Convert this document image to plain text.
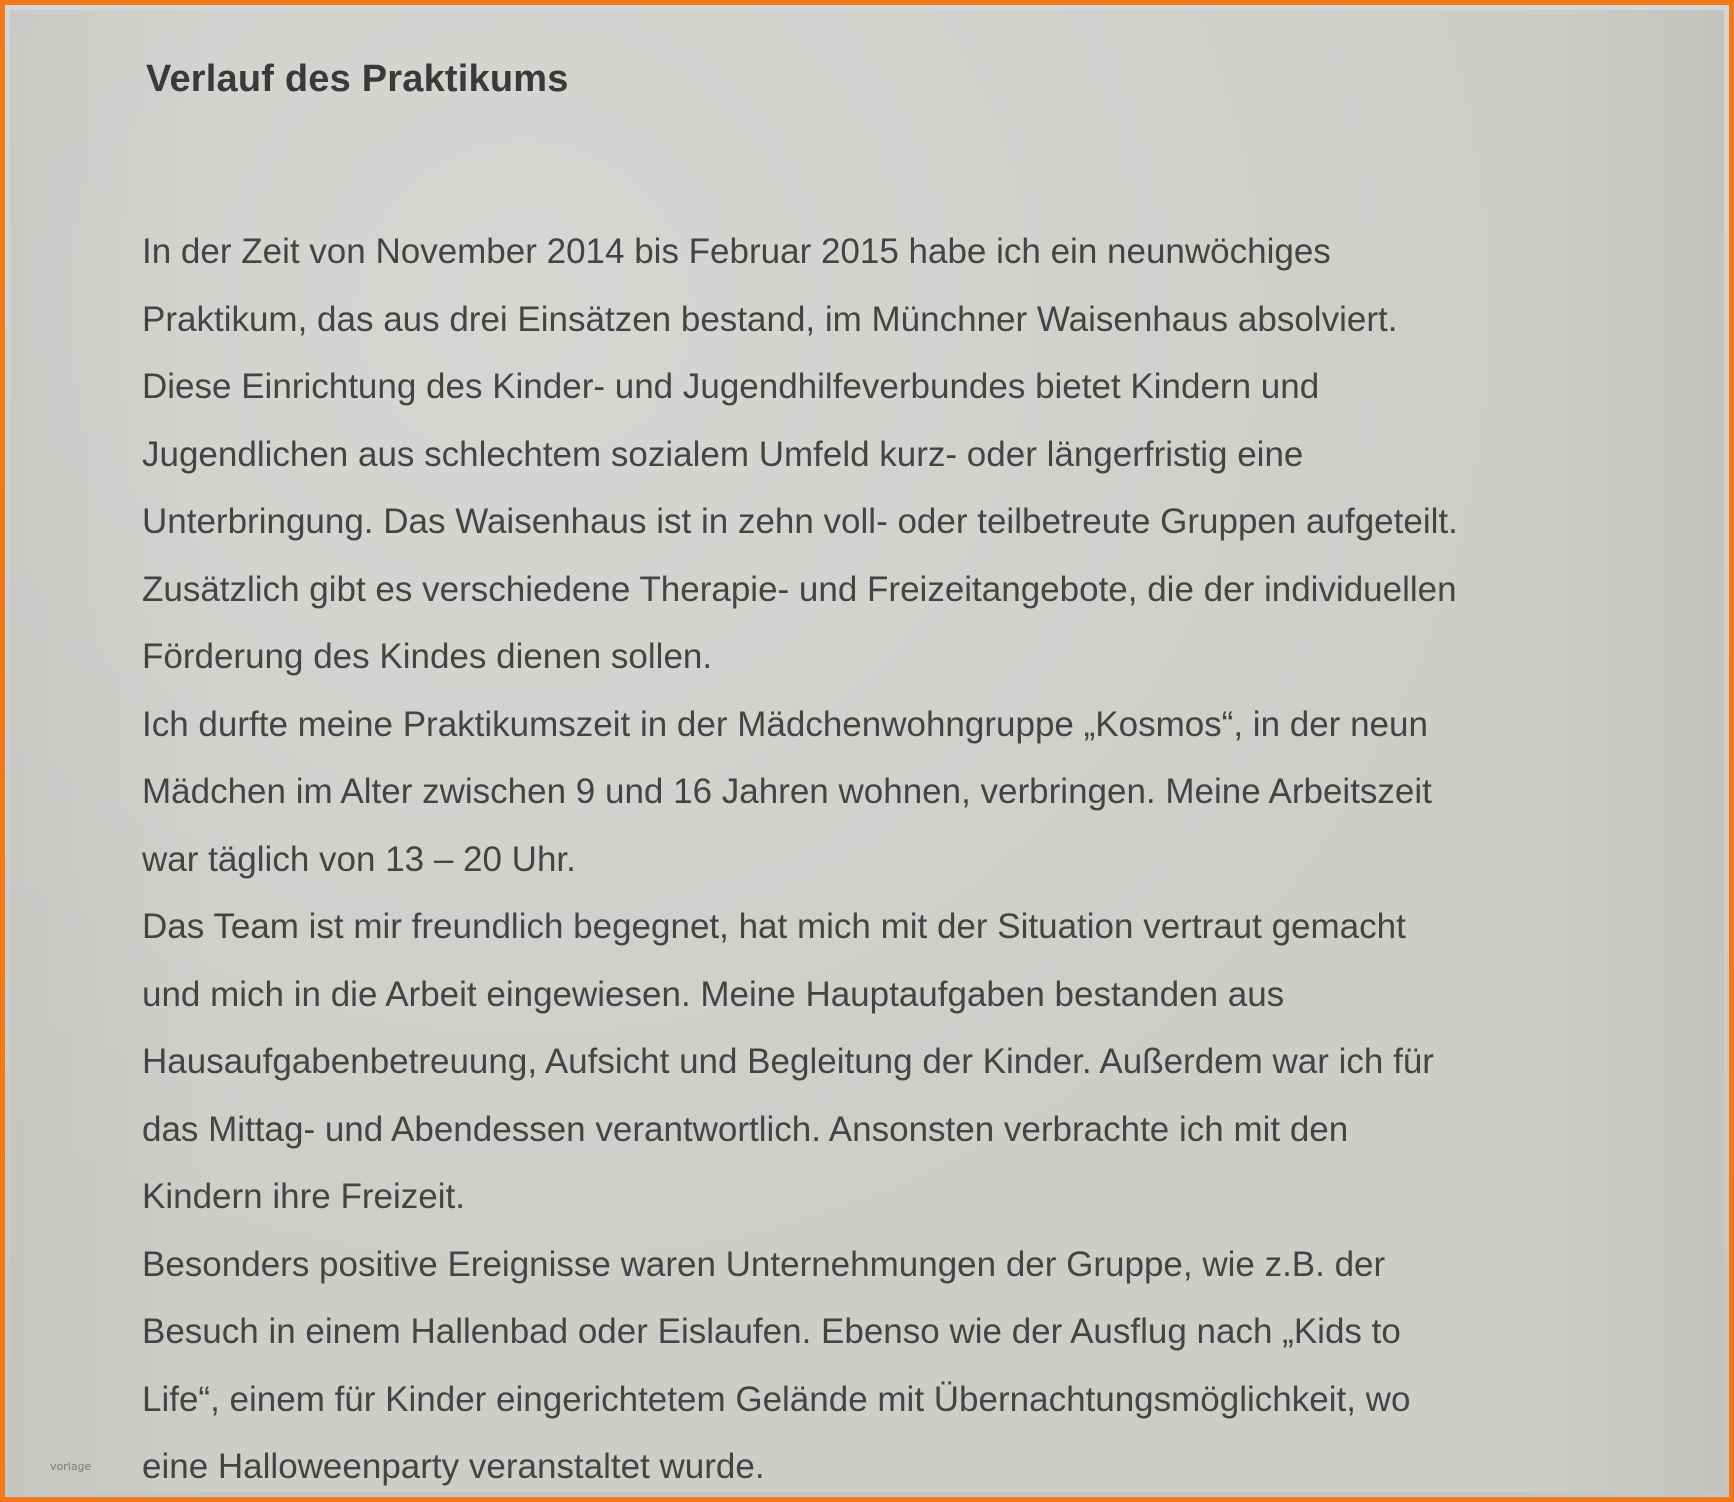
Verlauf des Praktikums
In der Zeit von November 2014 bis Februar 2015 habe ich ein neunwöchiges
Praktikum, das aus drei Einsätzen bestand, im Münchner Waisenhaus absolviert.
Diese Einrichtung des Kinder- und Jugendhilfeverbundes bietet Kindern und
Jugendlichen aus schlechtem sozialem Umfeld kurz- oder längerfristig eine
Unterbringung. Das Waisenhaus ist in zehn voll- oder teilbetreute Gruppen aufgeteilt.
Zusätzlich gibt es verschiedene Therapie- und Freizeitangebote, die der individuellen
Förderung des Kindes dienen sollen.
Ich durfte meine Praktikumszeit in der Mädchenwohngruppe „Kosmos“, in der neun
Mädchen im Alter zwischen 9 und 16 Jahren wohnen, verbringen. Meine Arbeitszeit
war täglich von 13 – 20 Uhr.
Das Team ist mir freundlich begegnet, hat mich mit der Situation vertraut gemacht
und mich in die Arbeit eingewiesen. Meine Hauptaufgaben bestanden aus
Hausaufgabenbetreuung, Aufsicht und Begleitung der Kinder. Außerdem war ich für
das Mittag- und Abendessen verantwortlich. Ansonsten verbrachte ich mit den
Kindern ihre Freizeit.
Besonders positive Ereignisse waren Unternehmungen der Gruppe, wie z.B. der
Besuch in einem Hallenbad oder Eislaufen. Ebenso wie der Ausflug nach „Kids to
Life“, einem für Kinder eingerichtetem Gelände mit Übernachtungsmöglichkeit, wo
eine Halloweenparty veranstaltet wurde.
vorlage
